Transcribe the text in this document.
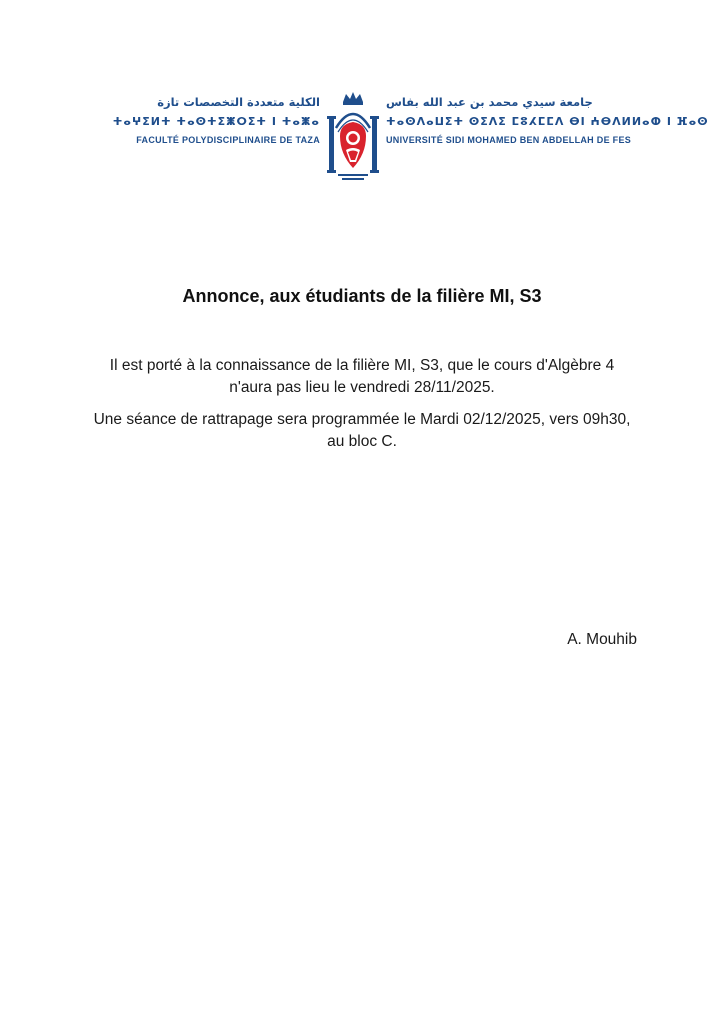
الكلية متعددة التخصصات تازة
ⵜⴰⵖⵉⵍⵜ ⵜⴰⵙⵜⵉⵥⵔⵉⵜ ⵏ ⵜⴰⵥⴰ
FACULTÉ POLYDISCIPLINAIRE DE TAZA
جامعة سيدي محمد بن عبد الله بفاس
ⵜⴰⵙⴷⴰⵡⵉⵜ ⵙⵉⴷⵉ ⵎⵓⵃⵎⵎⴷ ⴱⵏ ⵄⴱⴷⵍⵍⴰⵀ ⵏ ⴼⴰⵙ
UNIVERSITÉ SIDI MOHAMED BEN ABDELLAH DE FES
Annonce, aux étudiants de la filière MI, S3
Il est porté à la connaissance de la filière MI, S3, que le cours d'Algèbre 4 n'aura pas lieu le vendredi 28/11/2025.
Une séance de rattrapage sera programmée le Mardi 02/12/2025, vers 09h30, au bloc C.
A. Mouhib
